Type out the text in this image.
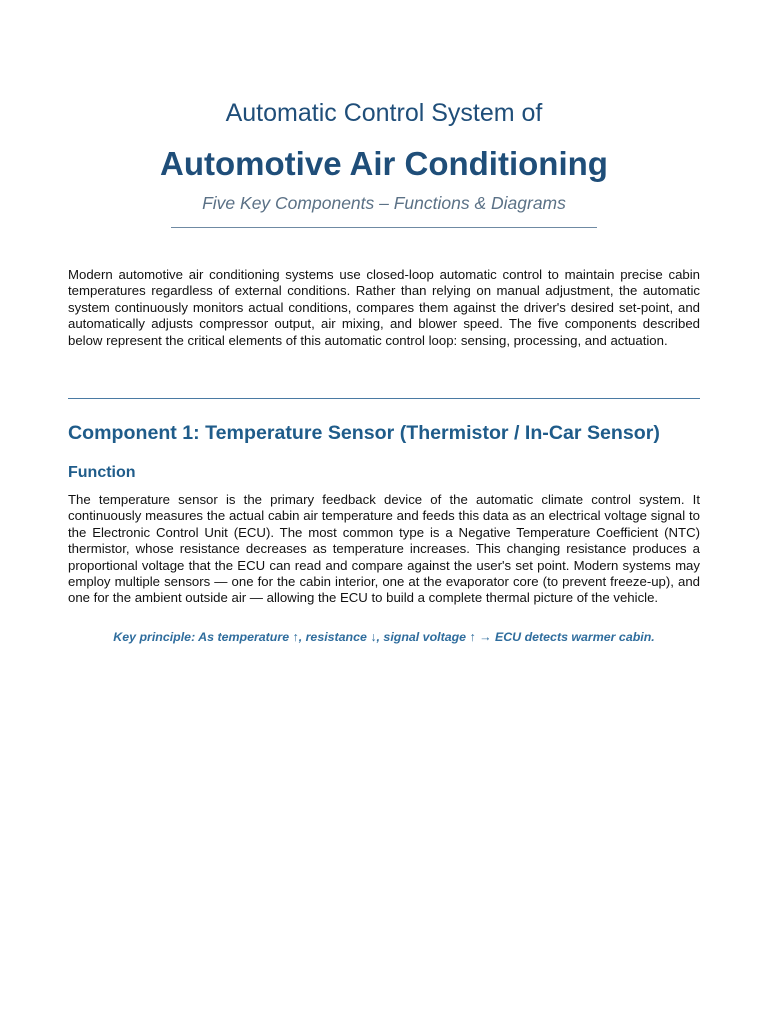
Automatic Control System of
Automotive Air Conditioning

Five Key Components – Functions & Diagrams

Modern automotive air conditioning systems use closed-loop automatic control to maintain precise cabin temperatures regardless of external conditions. Rather than relying on manual adjustment, the automatic system continuously monitors actual conditions, compares them against the driver's desired set-point, and automatically adjusts compressor output, air mixing, and blower speed. The five components described below represent the critical elements of this automatic control loop: sensing, processing, and actuation.

Component 1: Temperature Sensor (Thermistor / In-Car Sensor)
Function

The temperature sensor is the primary feedback device of the automatic climate control system. It continuously measures the actual cabin air temperature and feeds this data as an electrical voltage signal to the Electronic Control Unit (ECU). The most common type is a Negative Temperature Coefficient (NTC) thermistor, whose resistance decreases as temperature increases. This changing resistance produces a proportional voltage that the ECU can read and compare against the user's set point. Modern systems may employ multiple sensors — one for the cabin interior, one at the evaporator core (to prevent freeze-up), and one for the ambient outside air — allowing the ECU to build a complete thermal picture of the vehicle.

Key principle: As temperature ↑, resistance ↓, signal voltage ↑ → ECU detects warmer cabin.
